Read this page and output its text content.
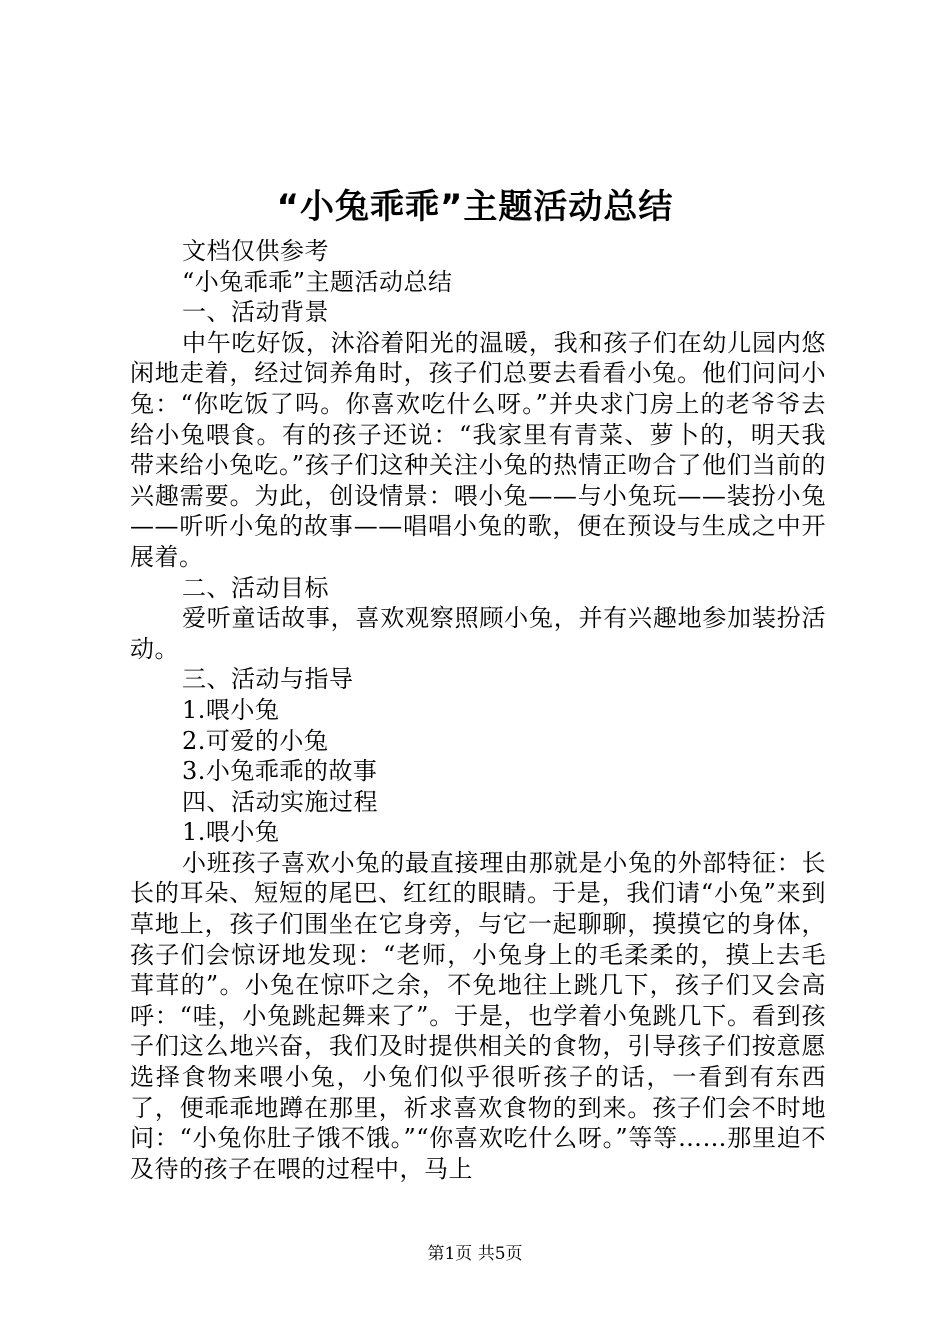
“小兔乖乖”主题活动总结

文档仅供参考

“小兔乖乖”主题活动总结

一、活动背景

中午吃好饭，沐浴着阳光的温暖，我和孩子们在幼儿园内悠闲地走着，经过饲养角时，孩子们总要去看看小兔。他们问问小兔：“你吃饭了吗。你喜欢吃什么呀。”并央求门房上的老爷爷去给小兔喂食。有的孩子还说：“我家里有青菜、萝卜的，明天我带来给小兔吃。”孩子们这种关注小兔的热情正吻合了他们当前的兴趣需要。为此，创设情景：喂小兔——与小兔玩——装扮小兔——听听小兔的故事——唱唱小兔的歌，便在预设与生成之中开展着。

二、活动目标

爱听童话故事，喜欢观察照顾小兔，并有兴趣地参加装扮活动。

三、活动与指导

1.喂小兔

2.可爱的小兔

3.小兔乖乖的故事

四、活动实施过程

1.喂小兔

小班孩子喜欢小兔的最直接理由那就是小兔的外部特征：长长的耳朵、短短的尾巴、红红的眼睛。于是，我们请“小兔”来到草地上，孩子们围坐在它身旁，与它一起聊聊，摸摸它的身体，孩子们会惊讶地发现：“老师，小兔身上的毛柔柔的，摸上去毛茸茸的”。小兔在惊吓之余，不免地往上跳几下，孩子们又会高呼：“哇，小兔跳起舞来了”。于是，也学着小兔跳几下。看到孩子们这么地兴奋，我们及时提供相关的食物，引导孩子们按意愿选择食物来喂小兔，小兔们似乎很听孩子的话，一看到有东西了，便乖乖地蹲在那里，祈求喜欢食物的到来。孩子们会不时地问：“小兔你肚子饿不饿。”“你喜欢吃什么呀。”等等……那里迫不及待的孩子在喂的过程中，马上

第1页 共5页
